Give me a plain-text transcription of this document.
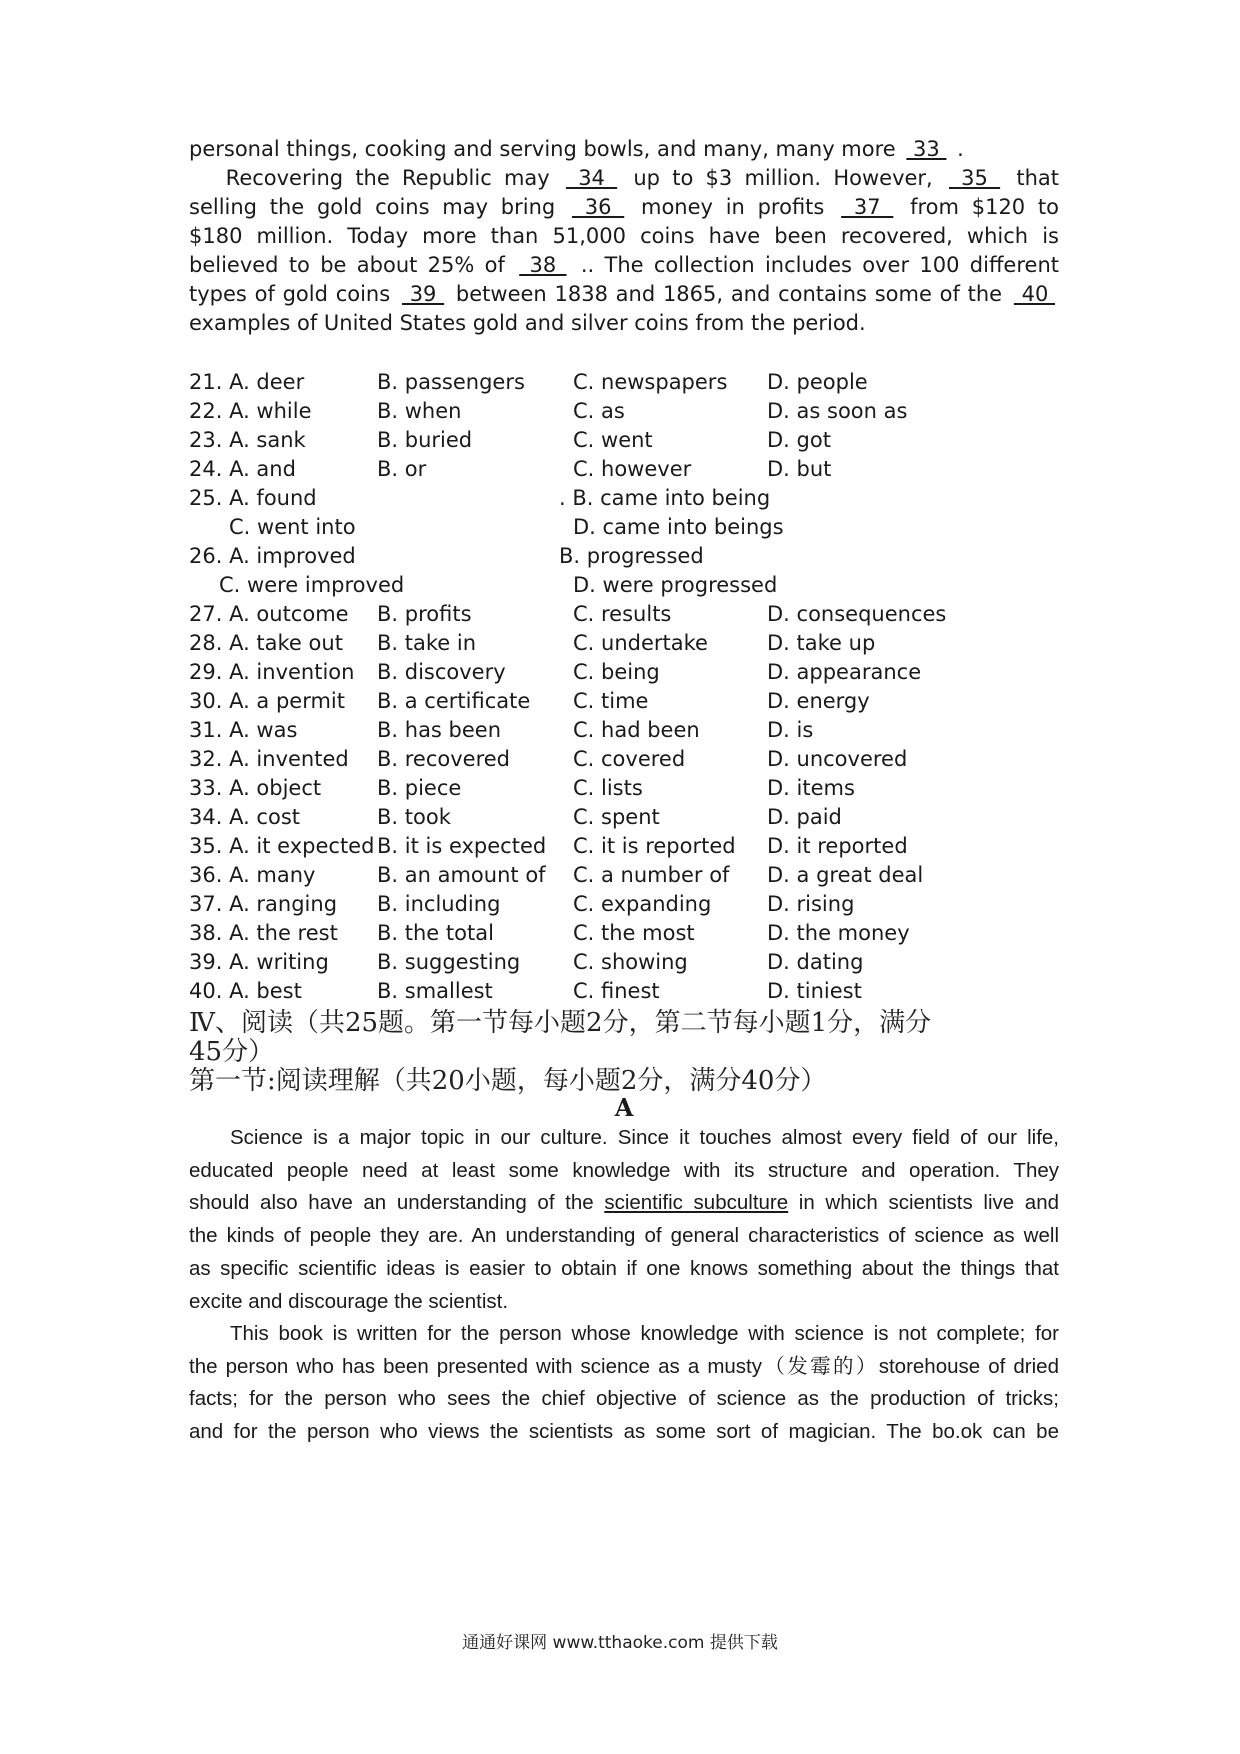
personal things, cooking and serving bowls, and many, many more  33  .
Recovering the Republic may  34  up to $3 million. However,  35  that
selling the gold coins may bring  36  money in profits  37  from $120 to
$180 million. Today more than 51,000 coins have been recovered, which is
believed to be about 25% of  38  .. The collection includes over 100 different
types of gold coins  39  between 1838 and 1865, and contains some of the  40
examples of United States gold and silver coins from the period.
21. A. deer	B. passengers C. newspapers D. people
22. A. while	B. when	C. as	D. as soon as
23. A. sank	B. buried	C. went	D. got
24. A. and	B. or	C. however	D. but
25. A. found	. B. came into being
C. went into	D. came into beings
26. A. improved	B. progressed
C. were improved	D. were progressed
27. A. outcome B. profits	C. results	D. consequences
28. A. take out B. take in	C. undertake	D. take up
29. A. invention B. discovery	C. being	D. appearance
30. A. a permit B. a certificate C. time	D. energy
31. A. was	B. has been	C. had been	D. is
32. A. invented B. recovered	C. covered	D. uncovered
33. A. object	B. piece	C. lists	D. items
34. A. cost	B. took	C. spent	D. paid
35. A. it expected B. it is expected C. it is reported D. it reported
36. A. many	B. an amount of C. a number of D. a great deal
37. A. ranging B. including	C. expanding	D. rising
38. A. the rest B. the total	C. the most	D. the money
39. A. writing B. suggesting	C. showing	D. dating
40. A. best	B. smallest	C. finest	D. tiniest
Ⅳ、阅读（共25题。第一节每小题2分，第二节每小题1分，满分
45分）
第一节:阅读理解（共20小题，每小题2分，满分40分）
A
Science is a major topic in our culture. Since it touches almost every field of our life,
educated people need at least some knowledge with its structure and operation. They
should also have an understanding of the scientific subculture in which scientists live and
the kinds of people they are. An understanding of general characteristics of science as well
as specific scientific ideas is easier to obtain if one knows something about the things that
excite and discourage the scientist.
This book is written for the person whose knowledge with science is not complete; for
the person who has been presented with science as a musty（发霉的）storehouse of dried
facts; for the person who sees the chief objective of science as the production of tricks;
and for the person who views the scientists as some sort of magician. The bo.ok can be
通通好课网 www.tthaoke.com 提供下载
